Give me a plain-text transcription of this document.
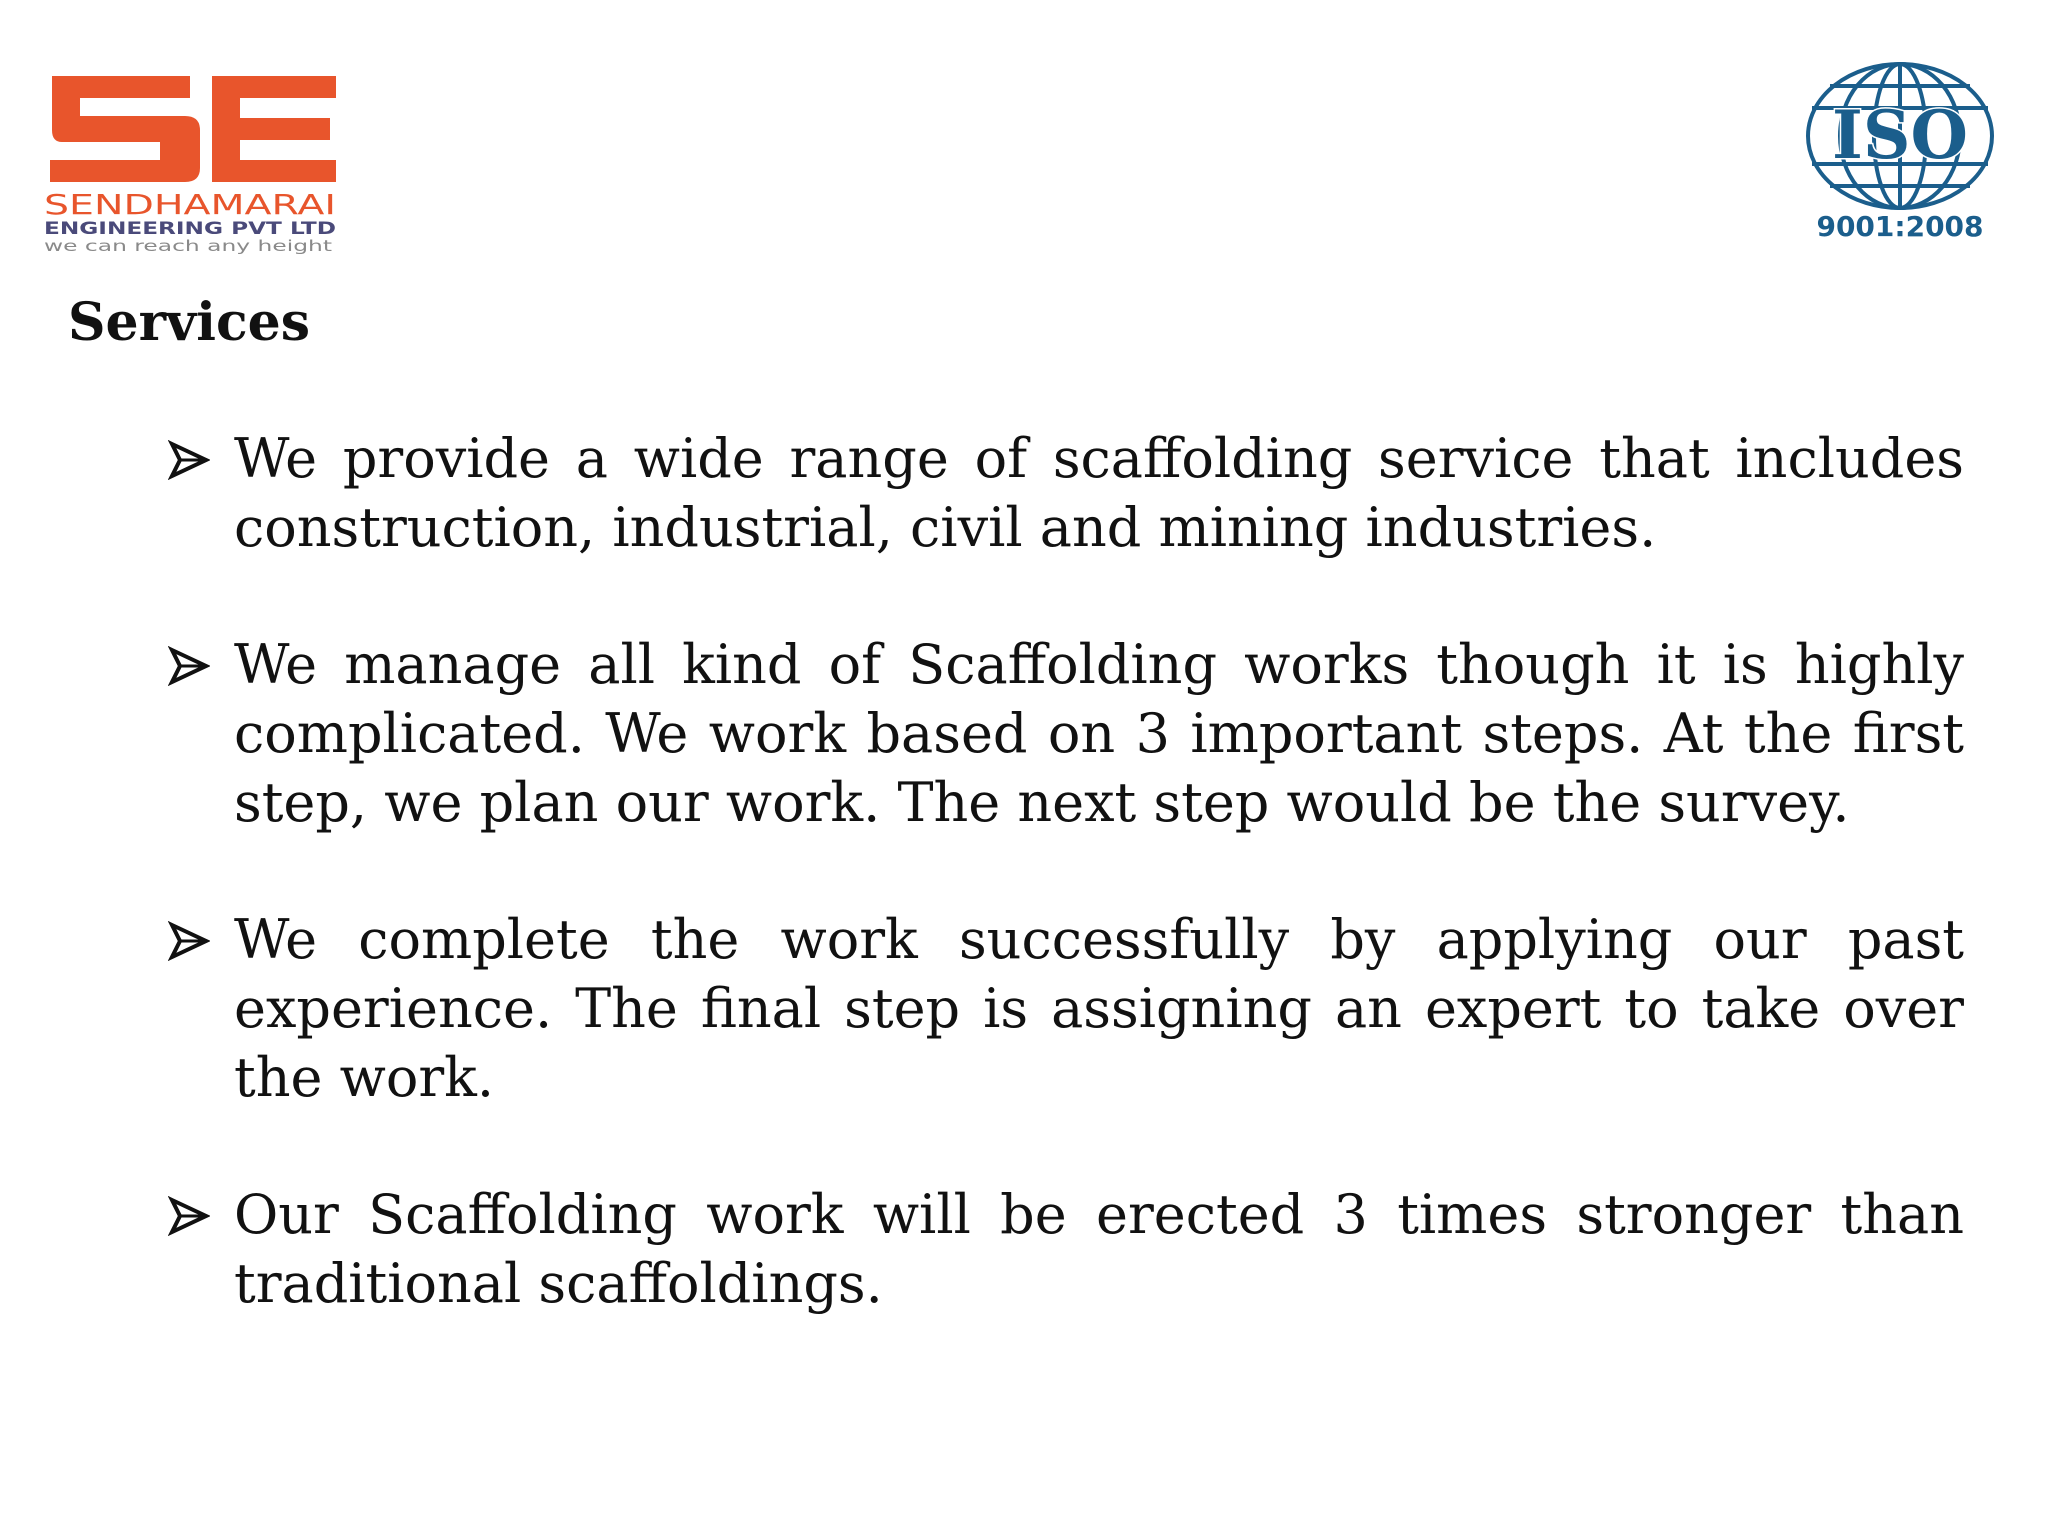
SENDHAMARAI
ENGINEERING PVT LTD
we can reach any height
ISO
9001:2008
Services
We provide a wide range of scaffolding service that includes construction, industrial, civil and mining industries.
We manage all kind of Scaffolding works though it is highly complicated. We work based on 3 important steps. At the first step, we plan our work. The next step would be the survey.
We complete the work successfully by applying our past experience. The final step is assigning an expert to take over the work.
Our Scaffolding work will be erected 3 times stronger than traditional scaffoldings.
